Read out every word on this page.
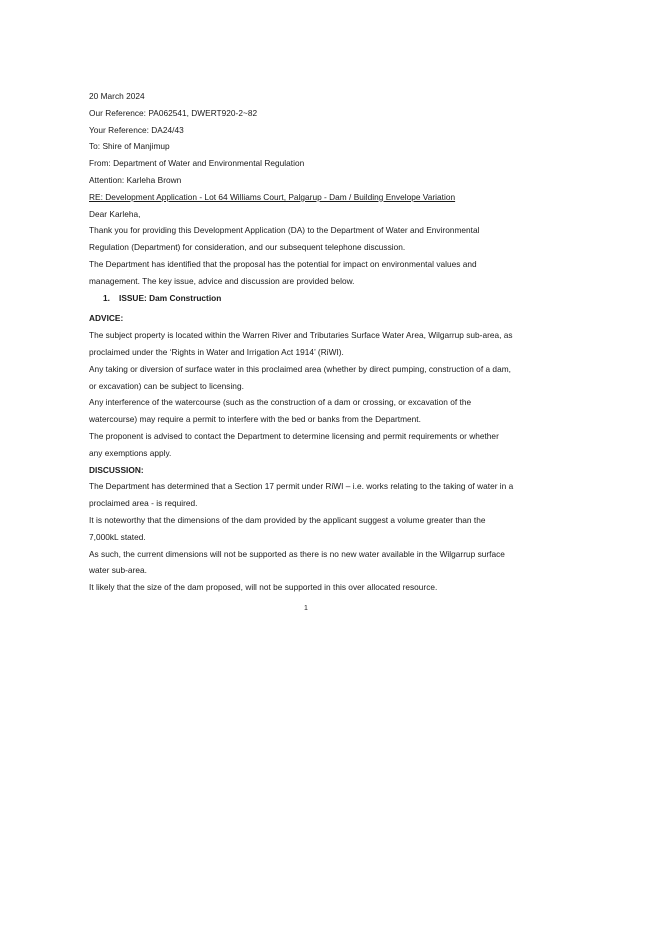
20 March 2024
Our Reference: PA062541, DWERT920-2~82
Your Reference: DA24/43
To: Shire of Manjimup
From: Department of Water and Environmental Regulation
Attention: Karleha Brown
RE: Development Application - Lot 64 Williams Court, Palgarup - Dam / Building Envelope Variation
Dear Karleha,
Thank you for providing this Development Application (DA) to the Department of Water and Environmental
Regulation (Department) for consideration, and our subsequent telephone discussion.
The Department has identified that the proposal has the potential for impact on environmental values and
management. The key issue, advice and discussion are provided below.
1. ISSUE: Dam Construction
ADVICE:
The subject property is located within the Warren River and Tributaries Surface Water Area, Wilgarrup sub-area, as
proclaimed under the ‘Rights in Water and Irrigation Act 1914’ (RiWI).
Any taking or diversion of surface water in this proclaimed area (whether by direct pumping, construction of a dam,
or excavation) can be subject to licensing.
Any interference of the watercourse (such as the construction of a dam or crossing, or excavation of the
watercourse) may require a permit to interfere with the bed or banks from the Department.
The proponent is advised to contact the Department to determine licensing and permit requirements or whether
any exemptions apply.
DISCUSSION:
The Department has determined that a Section 17 permit under RiWI – i.e. works relating to the taking of water in a
proclaimed area - is required.
It is noteworthy that the dimensions of the dam provided by the applicant suggest a volume greater than the
7,000kL stated.
As such, the current dimensions will not be supported as there is no new water available in the Wilgarrup surface
water sub-area.
It likely that the size of the dam proposed, will not be supported in this over allocated resource.
1
